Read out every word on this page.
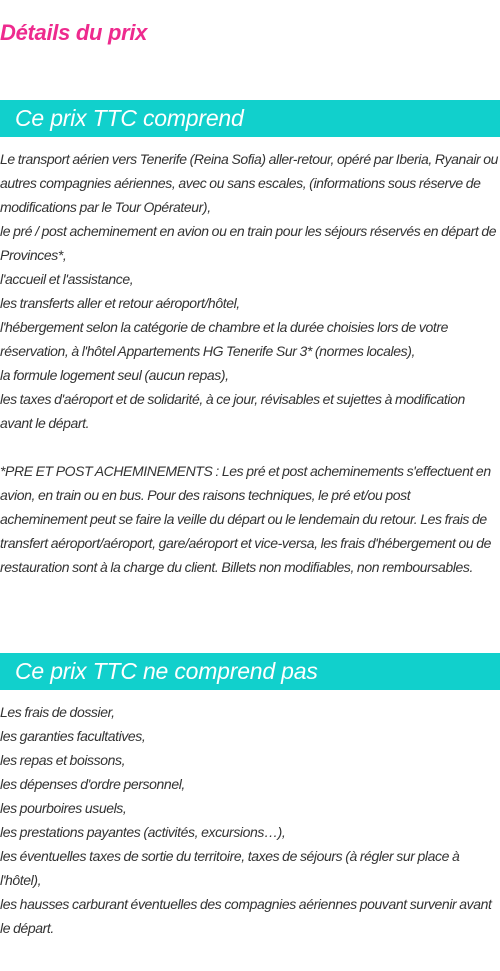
Détails du prix
Ce prix TTC comprend

Le transport aérien vers Tenerife (Reina Sofia) aller-retour, opéré par Iberia, Ryanair ou autres compagnies aériennes, avec ou sans escales, (informations sous réserve de modifications par le Tour Opérateur),

le pré / post acheminement en avion ou en train pour les séjours réservés en départ de Provinces*,

l'accueil et l'assistance,

les transferts aller et retour aéroport/hôtel,

l'hébergement selon la catégorie de chambre et la durée choisies lors de votre réservation, à l'hôtel Appartements HG Tenerife Sur 3* (normes locales),

la formule logement seul (aucun repas),

les taxes d'aéroport et de solidarité, à ce jour, révisables et sujettes à modification avant le départ.

*PRE ET POST ACHEMINEMENTS : Les pré et post acheminements s'effectuent en avion, en train ou en bus. Pour des raisons techniques, le pré et/ou post acheminement peut se faire la veille du départ ou le lendemain du retour. Les frais de transfert aéroport/aéroport, gare/aéroport et vice-versa, les frais d'hébergement ou de restauration sont à la charge du client. Billets non modifiables, non remboursables.

Ce prix TTC ne comprend pas

Les frais de dossier,

les garanties facultatives,

les repas et boissons,

les dépenses d'ordre personnel,

les pourboires usuels,

les prestations payantes (activités, excursions…),

les éventuelles taxes de sortie du territoire, taxes de séjours (à régler sur place à l'hôtel),

les hausses carburant éventuelles des compagnies aériennes pouvant survenir avant le départ.
